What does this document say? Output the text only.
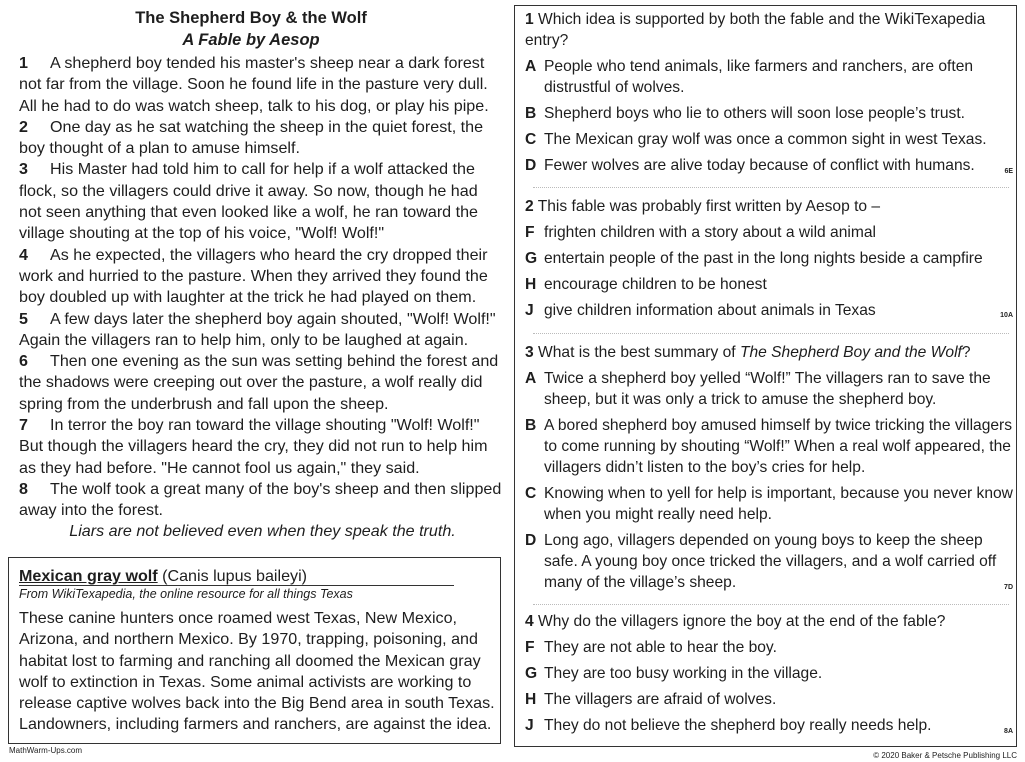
The Shepherd Boy & the Wolf
A Fable by Aesop

1 A shepherd boy tended his master's sheep near a dark forest not far from the village. Soon he found life in the pasture very dull. All he had to do was watch sheep, talk to his dog, or play his pipe.

2 One day as he sat watching the sheep in the quiet forest, the boy thought of a plan to amuse himself.

3 His Master had told him to call for help if a wolf attacked the flock, so the villagers could drive it away. So now, though he had not seen anything that even looked like a wolf, he ran toward the village shouting at the top of his voice, "Wolf! Wolf!"

4 As he expected, the villagers who heard the cry dropped their work and hurried to the pasture. When they arrived they found the boy doubled up with laughter at the trick he had played on them.

5 A few days later the shepherd boy again shouted, "Wolf! Wolf!" Again the villagers ran to help him, only to be laughed at again.

6 Then one evening as the sun was setting behind the forest and the shadows were creeping out over the pasture, a wolf really did spring from the underbrush and fall upon the sheep.

7 In terror the boy ran toward the village shouting "Wolf! Wolf!" But though the villagers heard the cry, they did not run to help him as they had before. "He cannot fool us again," they said.

8 The wolf took a great many of the boy's sheep and then slipped away into the forest.

Liars are not believed even when they speak the truth.
Mexican gray wolf (Canis lupus baileyi)
From WikiTexapedia, the online resource for all things Texas
These canine hunters once roamed west Texas, New Mexico, Arizona, and northern Mexico. By 1970, trapping, poisoning, and habitat lost to farming and ranching all doomed the Mexican gray wolf to extinction in Texas. Some animal activists are working to release captive wolves back into the Big Bend area in south Texas. Landowners, including farmers and ranchers, are against the idea.
MathWarm-Ups.com
1 Which idea is supported by both the fable and the WikiTexapedia entry?
A People who tend animals, like farmers and ranchers, are often distrustful of wolves.
B Shepherd boys who lie to others will soon lose people’s trust.
C The Mexican gray wolf was once a common sight in west Texas.
D Fewer wolves are alive today because of conflict with humans.	6E
2 This fable was probably first written by Aesop to –
F frighten children with a story about a wild animal
G entertain people of the past in the long nights beside a campfire
H encourage children to be honest
J give children information about animals in Texas	10A
3 What is the best summary of The Shepherd Boy and the Wolf?
A Twice a shepherd boy yelled “Wolf!” The villagers ran to save the sheep, but it was only a trick to amuse the shepherd boy.
B A bored shepherd boy amused himself by twice tricking the villagers to come running by shouting “Wolf!” When a real wolf appeared, the villagers didn’t listen to the boy’s cries for help.
C Knowing when to yell for help is important, because you never know when you might really need help.
D Long ago, villagers depended on young boys to keep the sheep safe. A young boy once tricked the villagers, and a wolf carried off many of the village’s sheep.	7D
4 Why do the villagers ignore the boy at the end of the fable?
F They are not able to hear the boy.
G They are too busy working in the village.
H The villagers are afraid of wolves.
J They do not believe the shepherd boy really needs help.	8A
© 2020 Baker & Petsche Publishing LLC
